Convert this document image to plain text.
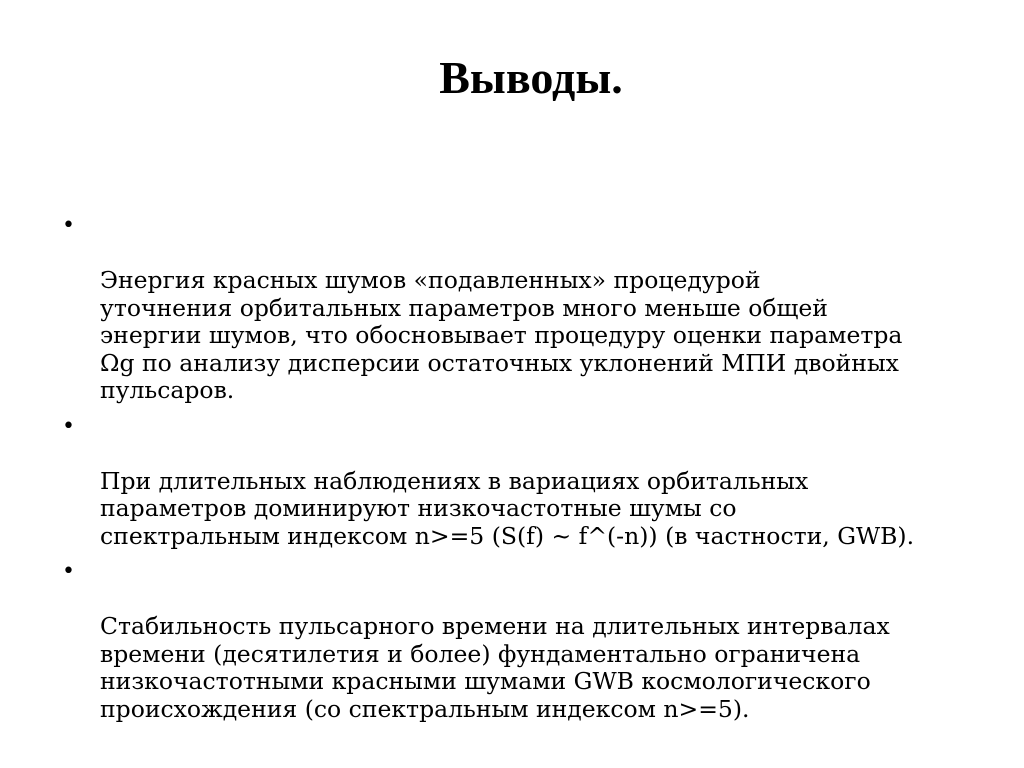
Выводы.

•

Энергия красных шумов «подавленных» процедурой
уточнения орбитальных параметров много меньше общей
энергии шумов, что обосновывает процедуру оценки параметра
Ωg по анализу дисперсии остаточных уклонений МПИ двойных
пульсаров.

•

При длительных наблюдениях в вариациях орбитальных
параметров доминируют низкочастотные шумы со
спектральным индексом n>=5 (S(f) ~ f^(-n)) (в частности, GWB).

•

Стабильность пульсарного времени на длительных интервалах
времени (десятилетия и более) фундаментально ограничена
низкочастотными красными шумами GWB космологического
происхождения (со спектральным индексом n>=5).
